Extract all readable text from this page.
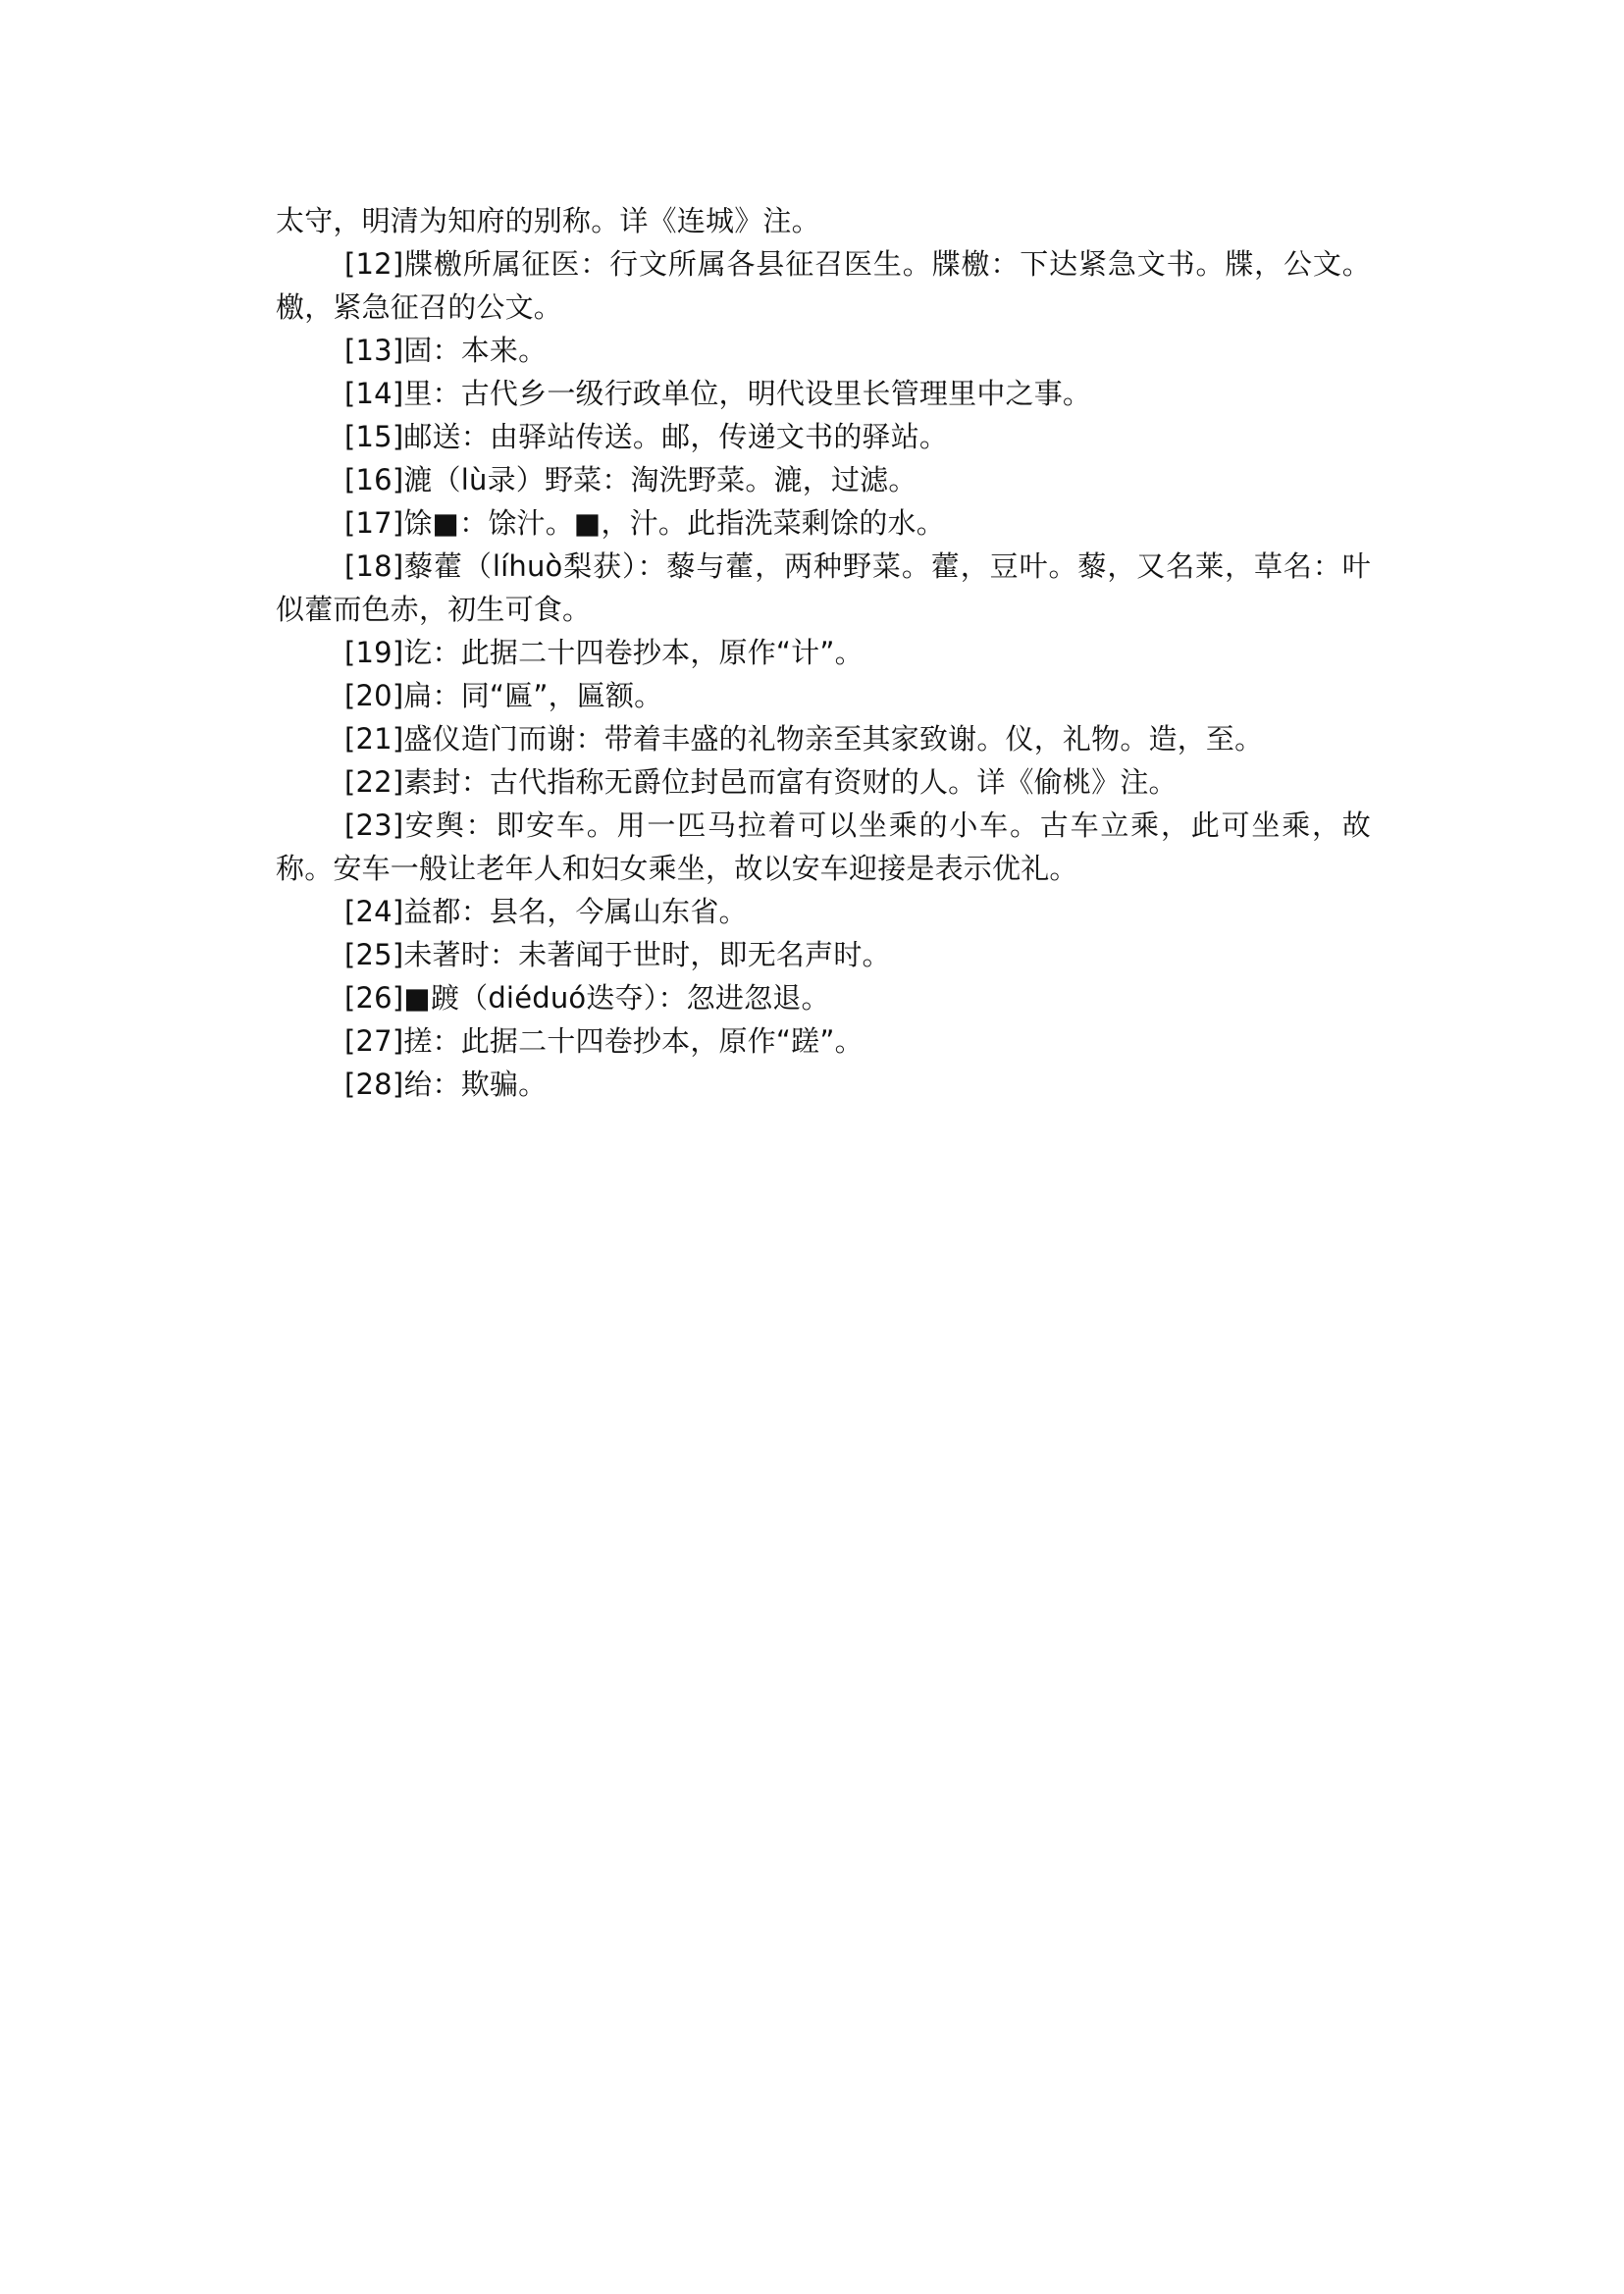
太守，明清为知府的别称。详《连城》注。

[12]牒檄所属征医：行文所属各县征召医生。牒檄：下达紧急文书。牒，公文。檄，紧急征召的公文。

[13]固：本来。

[14]里：古代乡一级行政单位，明代设里长管理里中之事。

[15]邮送：由驿站传送。邮，传递文书的驿站。

[16]漉（lù录）野菜：淘洗野菜。漉，过滤。

[17]馀■：馀汁。■，汁。此指洗菜剩馀的水。

[18]藜藿（líhuò梨获）：藜与藿，两种野菜。藿，豆叶。藜，又名莱，草名：叶似藿而色赤，初生可食。

[19]讫：此据二十四卷抄本，原作“计”。

[20]扁：同“匾”，匾额。

[21]盛仪造门而谢：带着丰盛的礼物亲至其家致谢。仪，礼物。造，至。

[22]素封：古代指称无爵位封邑而富有资财的人。详《偷桃》注。

[23]安舆：即安车。用一匹马拉着可以坐乘的小车。古车立乘，此可坐乘，故称。安车一般让老年人和妇女乘坐，故以安车迎接是表示优礼。

[24]益都：县名，今属山东省。

[25]未著时：未著闻于世时，即无名声时。

[26]■踱（diéduó迭夺）：忽进忽退。

[27]搓：此据二十四卷抄本，原作“蹉”。

[28]绐：欺骗。
